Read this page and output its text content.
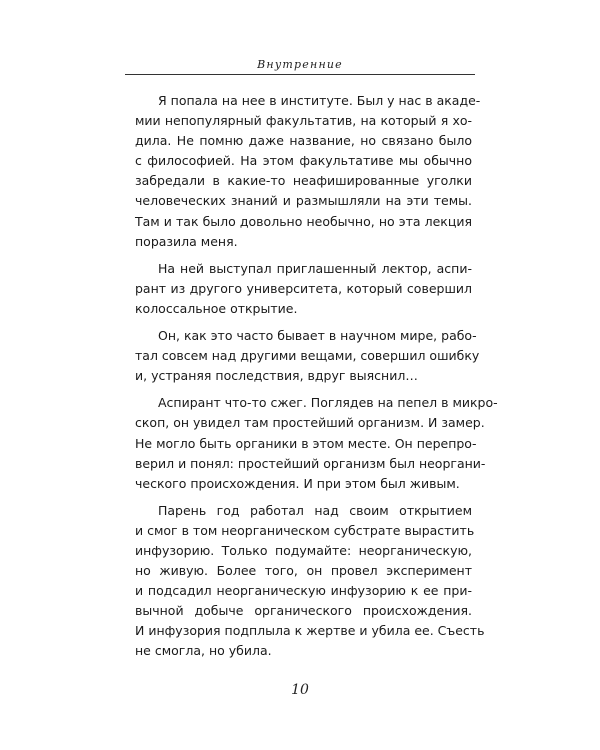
Внутренние
Я попала на нее в институте. Был у нас в акаде-
мии непопулярный факультатив, на который я хо-
дила. Не помню даже название, но связано было
с философией. На этом факультативе мы обычно
забредали в какие-то неафишированные уголки
человеческих знаний и размышляли на эти темы.
Там и так было довольно необычно, но эта лекция
поразила меня.
На ней выступал приглашенный лектор, аспи-
рант из другого университета, который совершил
колоссальное открытие.
Он, как это часто бывает в научном мире, рабо-
тал совсем над другими вещами, совершил ошибку
и, устраняя последствия, вдруг выяснил…
Аспирант что-то сжег. Поглядев на пепел в микро-
скоп, он увидел там простейший организм. И замер.
Не могло быть органики в этом месте. Он перепро-
верил и понял: простейший организм был неоргани-
ческого происхождения. И при этом был живым.
Парень год работал над своим открытием
и смог в том неорганическом субстрате вырастить
инфузорию. Только подумайте: неорганическую,
но живую. Более того, он провел эксперимент
и подсадил неорганическую инфузорию к ее при-
вычной добыче органического происхождения.
И инфузория подплыла к жертве и убила ее. Съесть
не смогла, но убила.
10
